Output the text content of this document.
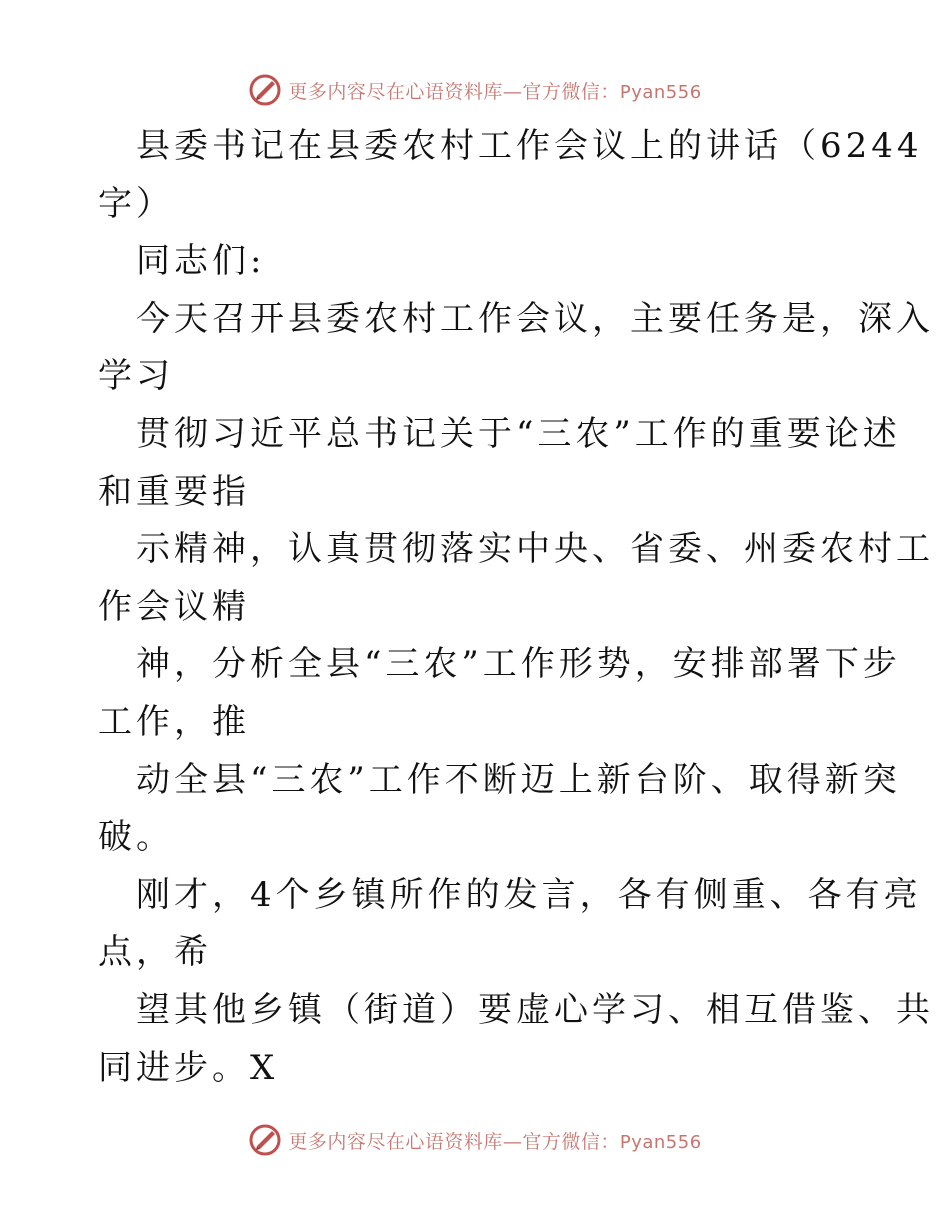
更多内容尽在心语资料库—官方微信：Pyan556
县委书记在县委农村工作会议上的讲话（6244
字）
同志们:
今天召开县委农村工作会议，主要任务是，深入
学习
贯彻习近平总书记关于“三农”工作的重要论述
和重要指
示精神，认真贯彻落实中央、省委、州委农村工
作会议精
神，分析全县“三农”工作形势，安排部署下步
工作，推
动全县“三农”工作不断迈上新台阶、取得新突
破。
刚才，4个乡镇所作的发言，各有侧重、各有亮
点，希
望其他乡镇（街道）要虚心学习、相互借鉴、共
同进步。X
更多内容尽在心语资料库—官方微信：Pyan556
